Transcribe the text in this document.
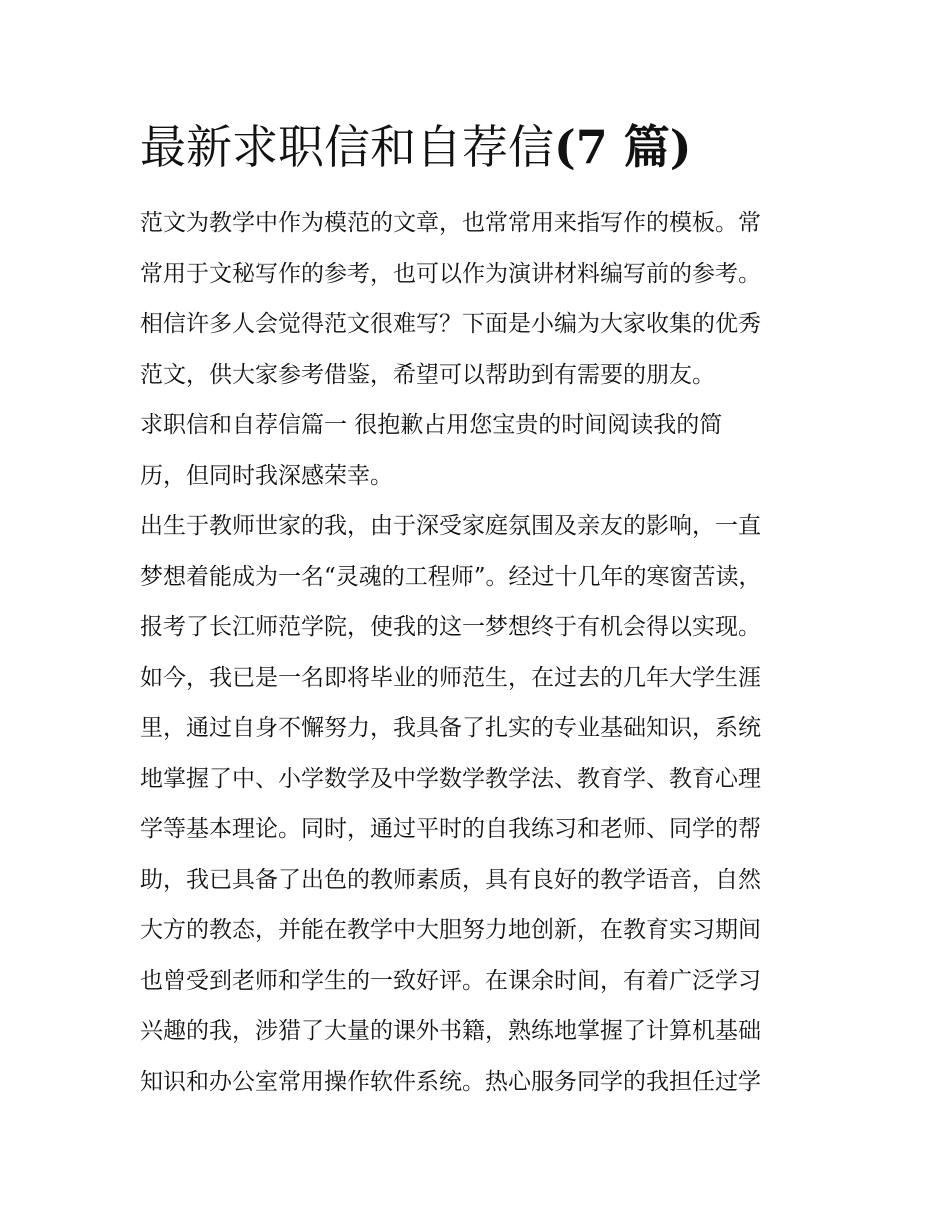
最新求职信和自荐信(7 篇)
范文为教学中作为模范的文章，也常常用来指写作的模板。常
常用于文秘写作的参考，也可以作为演讲材料编写前的参考。
相信许多人会觉得范文很难写？下面是小编为大家收集的优秀
范文，供大家参考借鉴，希望可以帮助到有需要的朋友。
求职信和自荐信篇一 很抱歉占用您宝贵的时间阅读我的简
历，但同时我深感荣幸。
出生于教师世家的我，由于深受家庭氛围及亲友的影响，一直
梦想着能成为一名“灵魂的工程师”。经过十几年的寒窗苦读，
报考了长江师范学院，使我的这一梦想终于有机会得以实现。
如今，我已是一名即将毕业的师范生，在过去的几年大学生涯
里，通过自身不懈努力，我具备了扎实的专业基础知识，系统
地掌握了中、小学数学及中学数学教学法、教育学、教育心理
学等基本理论。同时，通过平时的自我练习和老师、同学的帮
助，我已具备了出色的教师素质，具有良好的教学语音，自然
大方的教态，并能在教学中大胆努力地创新，在教育实习期间
也曾受到老师和学生的一致好评。在课余时间，有着广泛学习
兴趣的我，涉猎了大量的课外书籍，熟练地掌握了计算机基础
知识和办公室常用操作软件系统。热心服务同学的我担任过学
